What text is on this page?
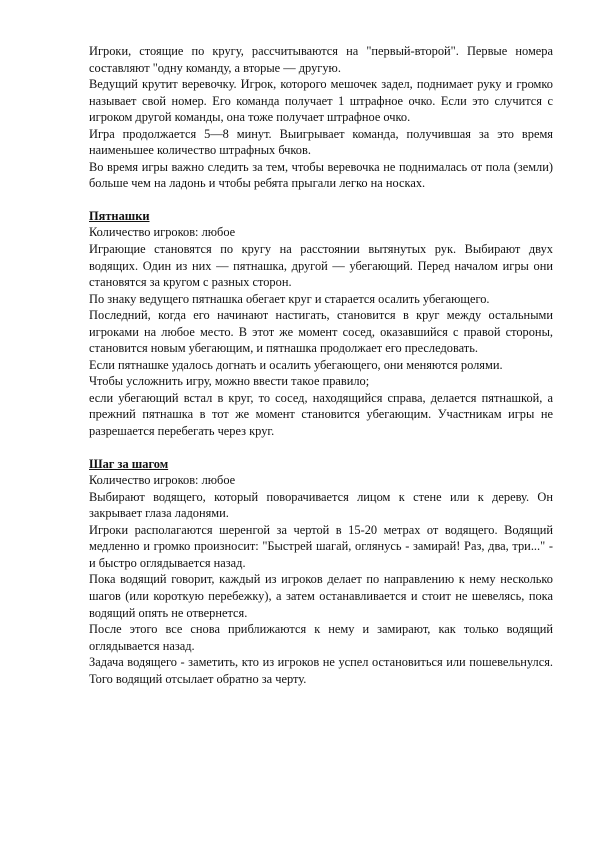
Игроки, стоящие по кругу, рассчитываются на "первый-второй". Первые номера составляют "одну команду, а вторые — другую.

Ведущий крутит веревочку. Игрок, которого мешочек задел, поднимает руку и громко называет свой номер. Его команда получает 1 штрафное очко. Если это случится с игроком другой команды, она тоже получает штрафное очко.

Игра продолжается 5—8 минут. Выигрывает команда, получившая за это время наименьшее количество штрафных бчков.

Во время игры важно следить за тем, чтобы веревочка не поднималась от пола (земли) больше чем на ладонь и чтобы ребята прыгали легко на носках.

Пятнашки

Количество игроков: любое

Играющие становятся по кругу на расстоянии вытянутых рук. Выбирают двух водящих. Один из них — пятнашка, другой — убегающий. Перед началом игры они становятся за кругом с разных сторон.

По знаку ведущего пятнашка обегает круг и старается осалить убегающего.

Последний, когда его начинают настигать, становится в круг между остальными игроками на любое место. В этот же момент сосед, оказавшийся с правой стороны, становится новым убегающим, и пятнашка продолжает его преследовать.

Если пятнашке удалось догнать и осалить убегающего, они меняются ролями.

Чтобы усложнить игру, можно ввести такое правило;

если убегающий встал в круг, то сосед, находящийся справа, делается пятнашкой, а прежний пятнашка в тот же момент становится убегающим. Участникам игры не разрешается перебегать через круг.

Шаг за шагом

Количество игроков: любое

Выбирают водящего, который поворачивается лицом к стене или к дереву. Он закрывает глаза ладонями.

Игроки располагаются шеренгой за чертой в 15-20 метрах от водящего. Водящий медленно и громко произносит: "Быстрей шагай, оглянусь - замирай! Раз, два, три..." - и быстро оглядывается назад.

Пока водящий говорит, каждый из игроков делает по направлению к нему несколько шагов (или короткую перебежку), а затем останавливается и стоит не шевелясь, пока водящий опять не отвернется.

После этого все снова приближаются к нему и замирают, как только водящий оглядывается назад.

Задача водящего - заметить, кто из игроков не успел остановиться или пошевельнулся. Того водящий отсылает обратно за черту.
